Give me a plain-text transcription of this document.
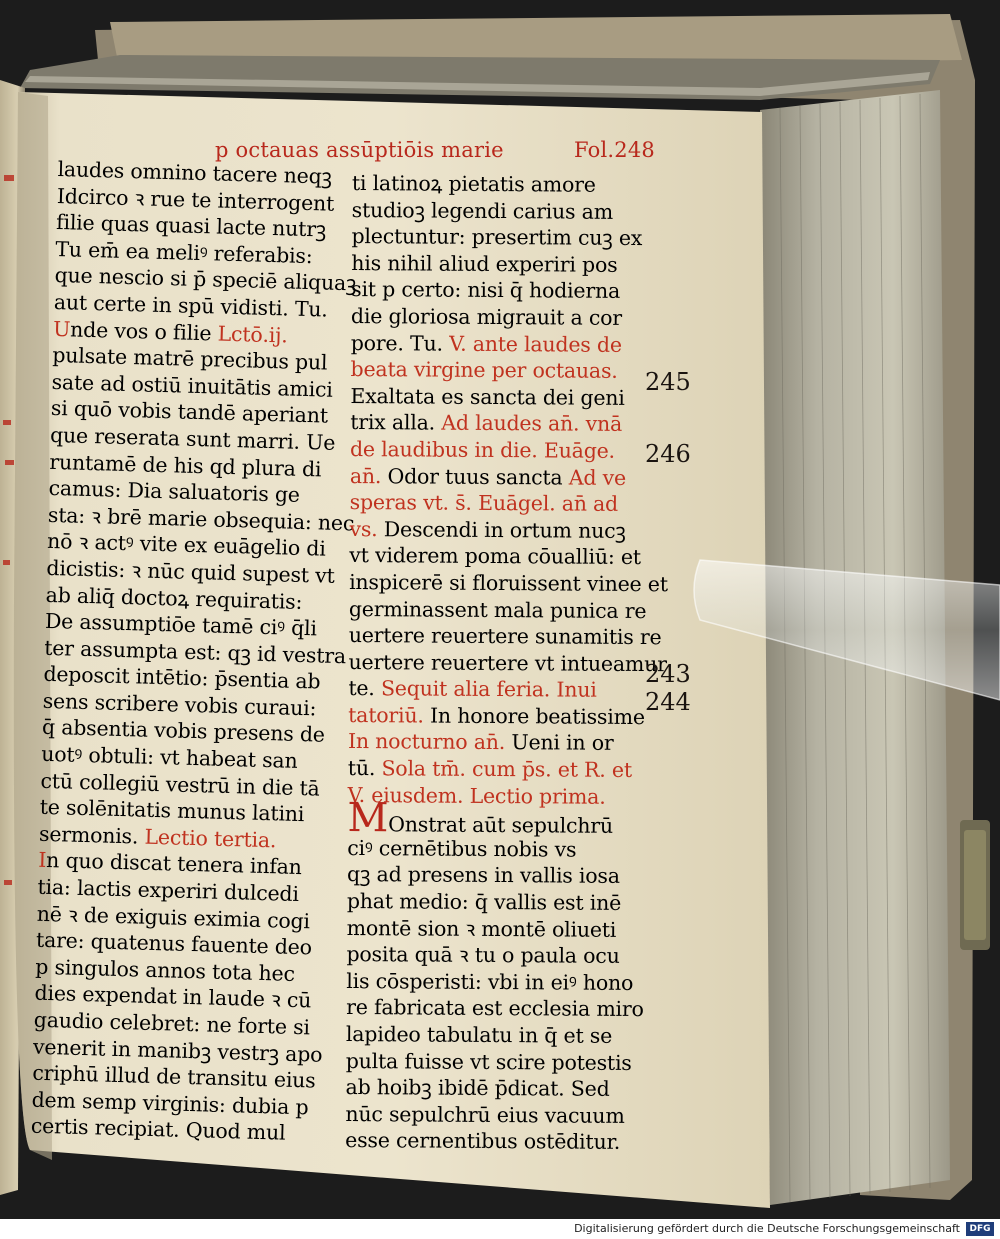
p octauas assūptiōis marie	Fol.248
laudes omnino tacere neqꝫ
Idcirco ꝛ rue te interrogent
filie quas quasi lacte nutrꝫ
Tu em̄ ea meliꝰ referabis:
que nescio si p̄ speciē aliquaꝫ
aut certe in spū vidisti. Tu.
Unde vos o filie Lctō.ij.
pulsate matrē precibus pul
sate ad ostiū inuitātis amici
si quō vobis tandē aperiant
que reserata sunt marri. Ue
runtamē de his qd plura di
camus: Dia saluatoris ge
sta: ꝛ brē marie obsequia: nec
nō ꝛ actꝰ vite ex euāgelio di
dicistis: ꝛ nūc quid supest vt
ab aliq̄ doctoꝝ requiratis:
De assumptiōe tamē ciꝰ q̄li
ter assumpta est: qꝫ id vestra
deposcit intētio: p̄sentia ab
sens scribere vobis curaui:
q̄ absentia vobis presens de
uotꝰ obtuli: vt habeat san
ctū collegiū vestrū in die tā
te solēnitatis munus latini
sermonis. Lectio tertia.
In quo discat tenera infan
tia: lactis experiri dulcedi
nē ꝛ de exiguis eximia cogi
tare: quatenus fauente deo
p singulos annos tota hec
dies expendat in laude ꝛ cū
gaudio celebret: ne forte si
venerit in manibꝫ vestrꝫ apo
criphū illud de transitu eius
dem semp virginis: dubia p
certis recipiat. Quod mul
ti latinoꝝ pietatis amore
studioꝫ legendi carius am
plectuntur: presertim cuꝫ ex
his nihil aliud experiri pos
sit p certo: nisi q̄ hodierna
die gloriosa migrauit a cor
pore. Tu. V. ante laudes de
beata virgine per octauas.
Exaltata es sancta dei geni
trix alla. Ad laudes an̄. vnā
de laudibus in die. Euāge.
an̄. Odor tuus sancta Ad ve
speras vt. s̄. Euāgel. an̄ ad
vs. Descendi in ortum nucꝫ
vt viderem poma cōualliū: et
inspicerē si floruissent vinee et
germinassent mala punica re
uertere reuertere sunamitis re
uertere reuertere vt intueamur
te. Sequit alia feria. Inui
tatoriū. In honore beatissime
In nocturno an̄. Ueni in or
tū. Sola tm̄. cum p̄s. et R. et
V. eiusdem. Lectio prima.
MOnstrat aūt sepulchrū
ciꝰ cernētibus nobis vs
qꝫ ad presens in vallis iosa
phat medio: q̄ vallis est inē
montē sion ꝛ montē oliueti
posita quā ꝛ tu o paula ocu
lis cōsperisti: vbi in eiꝰ hono
re fabricata est ecclesia miro
lapideo tabulatu in q̄ et se
pulta fuisse vt scire potestis
ab hoibꝫ ibidē p̄dicat. Sed
nūc sepulchrū eius vacuum
esse cernentibus ostēditur.
245
246
243
244
Digitalisierung gefördert durch die Deutsche Forschungsgemeinschaft	DFG
